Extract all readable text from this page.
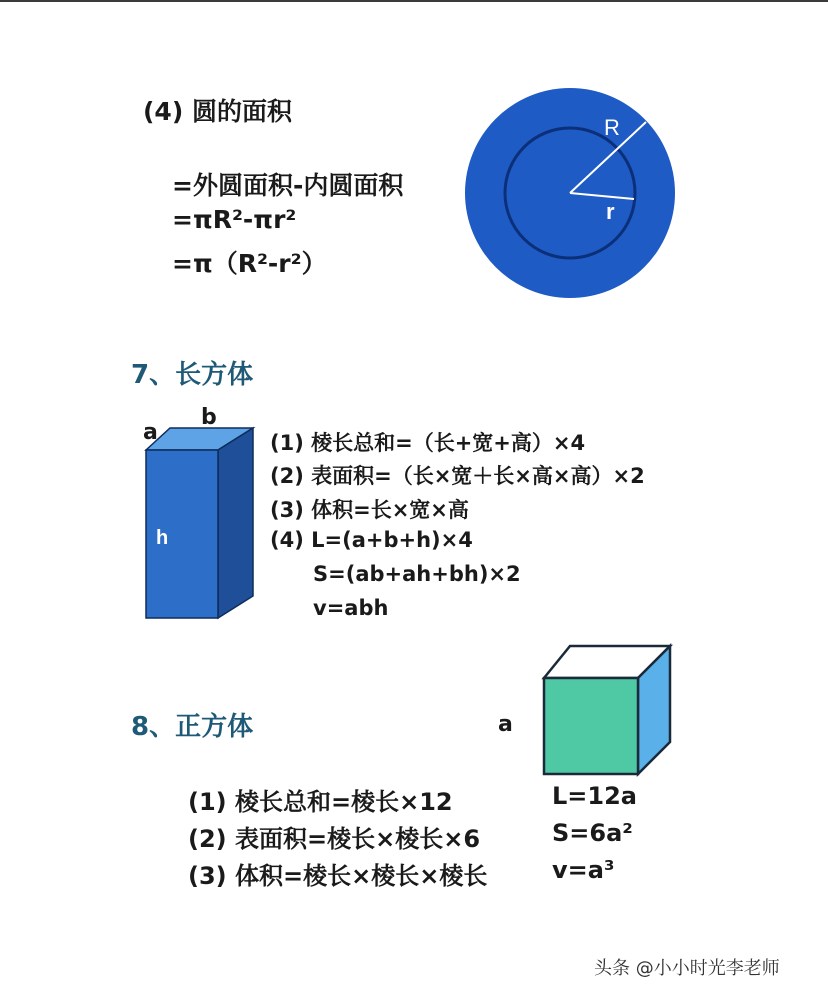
(4) 圆的面积
=外圆面积-内圆面积
=πR²-πr²
=π（R²-r²）
R
r
7、长方体
h
a
b
(1) 棱长总和=（长+宽+高）×4
(2) 表面积=（长×宽＋长×高×高）×2
(3) 体积=长×宽×高
(4) L=(a+b+h)×4
S=(ab+ah+bh)×2
v=abh
8、正方体	a
(1) 棱长总和=棱长×12	L=12a
(2) 表面积=棱长×棱长×6	S=6a²
(3) 体积=棱长×棱长×棱长	v=a³
头条 @小小时光李老师
